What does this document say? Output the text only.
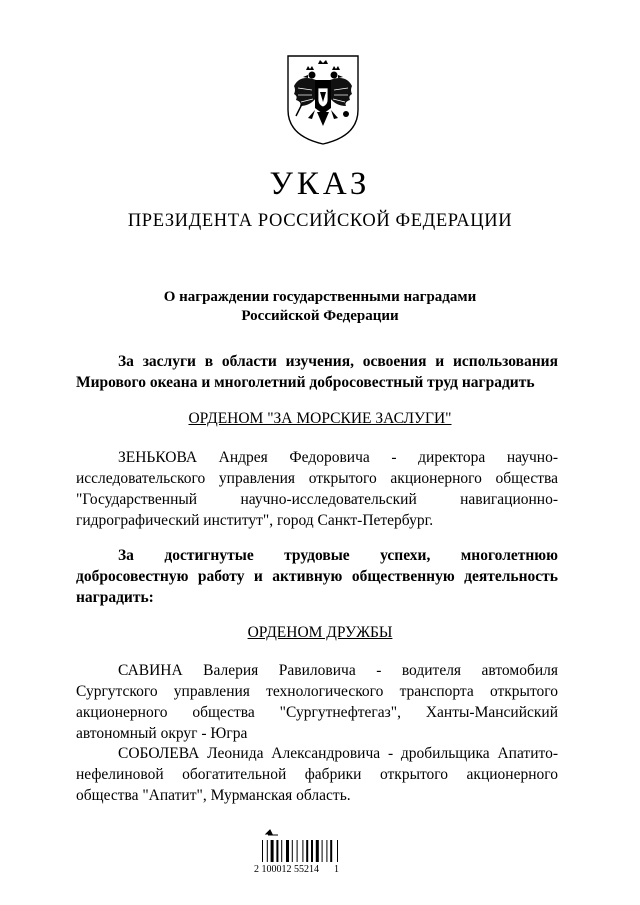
УКАЗ
ПРЕЗИДЕНТА РОССИЙСКОЙ ФЕДЕРАЦИИ
О награждении государственными наградами
Российской Федерации
За заслуги в области изучения, освоения и использования Мирового океана и многолетний добросовестный труд наградить
ОРДЕНОМ "ЗА МОРСКИЕ ЗАСЛУГИ"
ЗЕНЬКОВА Андрея Федоровича - директора научно-исследовательского управления открытого акционерного общества "Государственный научно-исследовательский навигационно-гидрографический институт", город Санкт-Петербург.
За достигнутые трудовые успехи, многолетнюю добросовестную работу и активную общественную деятельность наградить:
ОРДЕНОМ ДРУЖБЫ
САВИНА Валерия Равиловича - водителя автомобиля Сургутского управления технологического транспорта открытого акционерного общества "Сургутнефтегаз", Ханты-Мансийский автономный округ - Югра
СОБОЛЕВА Леонида Александровича - дробильщика Апатито-нефелиновой обогатительной фабрики открытого акционерного общества "Апатит", Мурманская область.
2 100012 55214	1
